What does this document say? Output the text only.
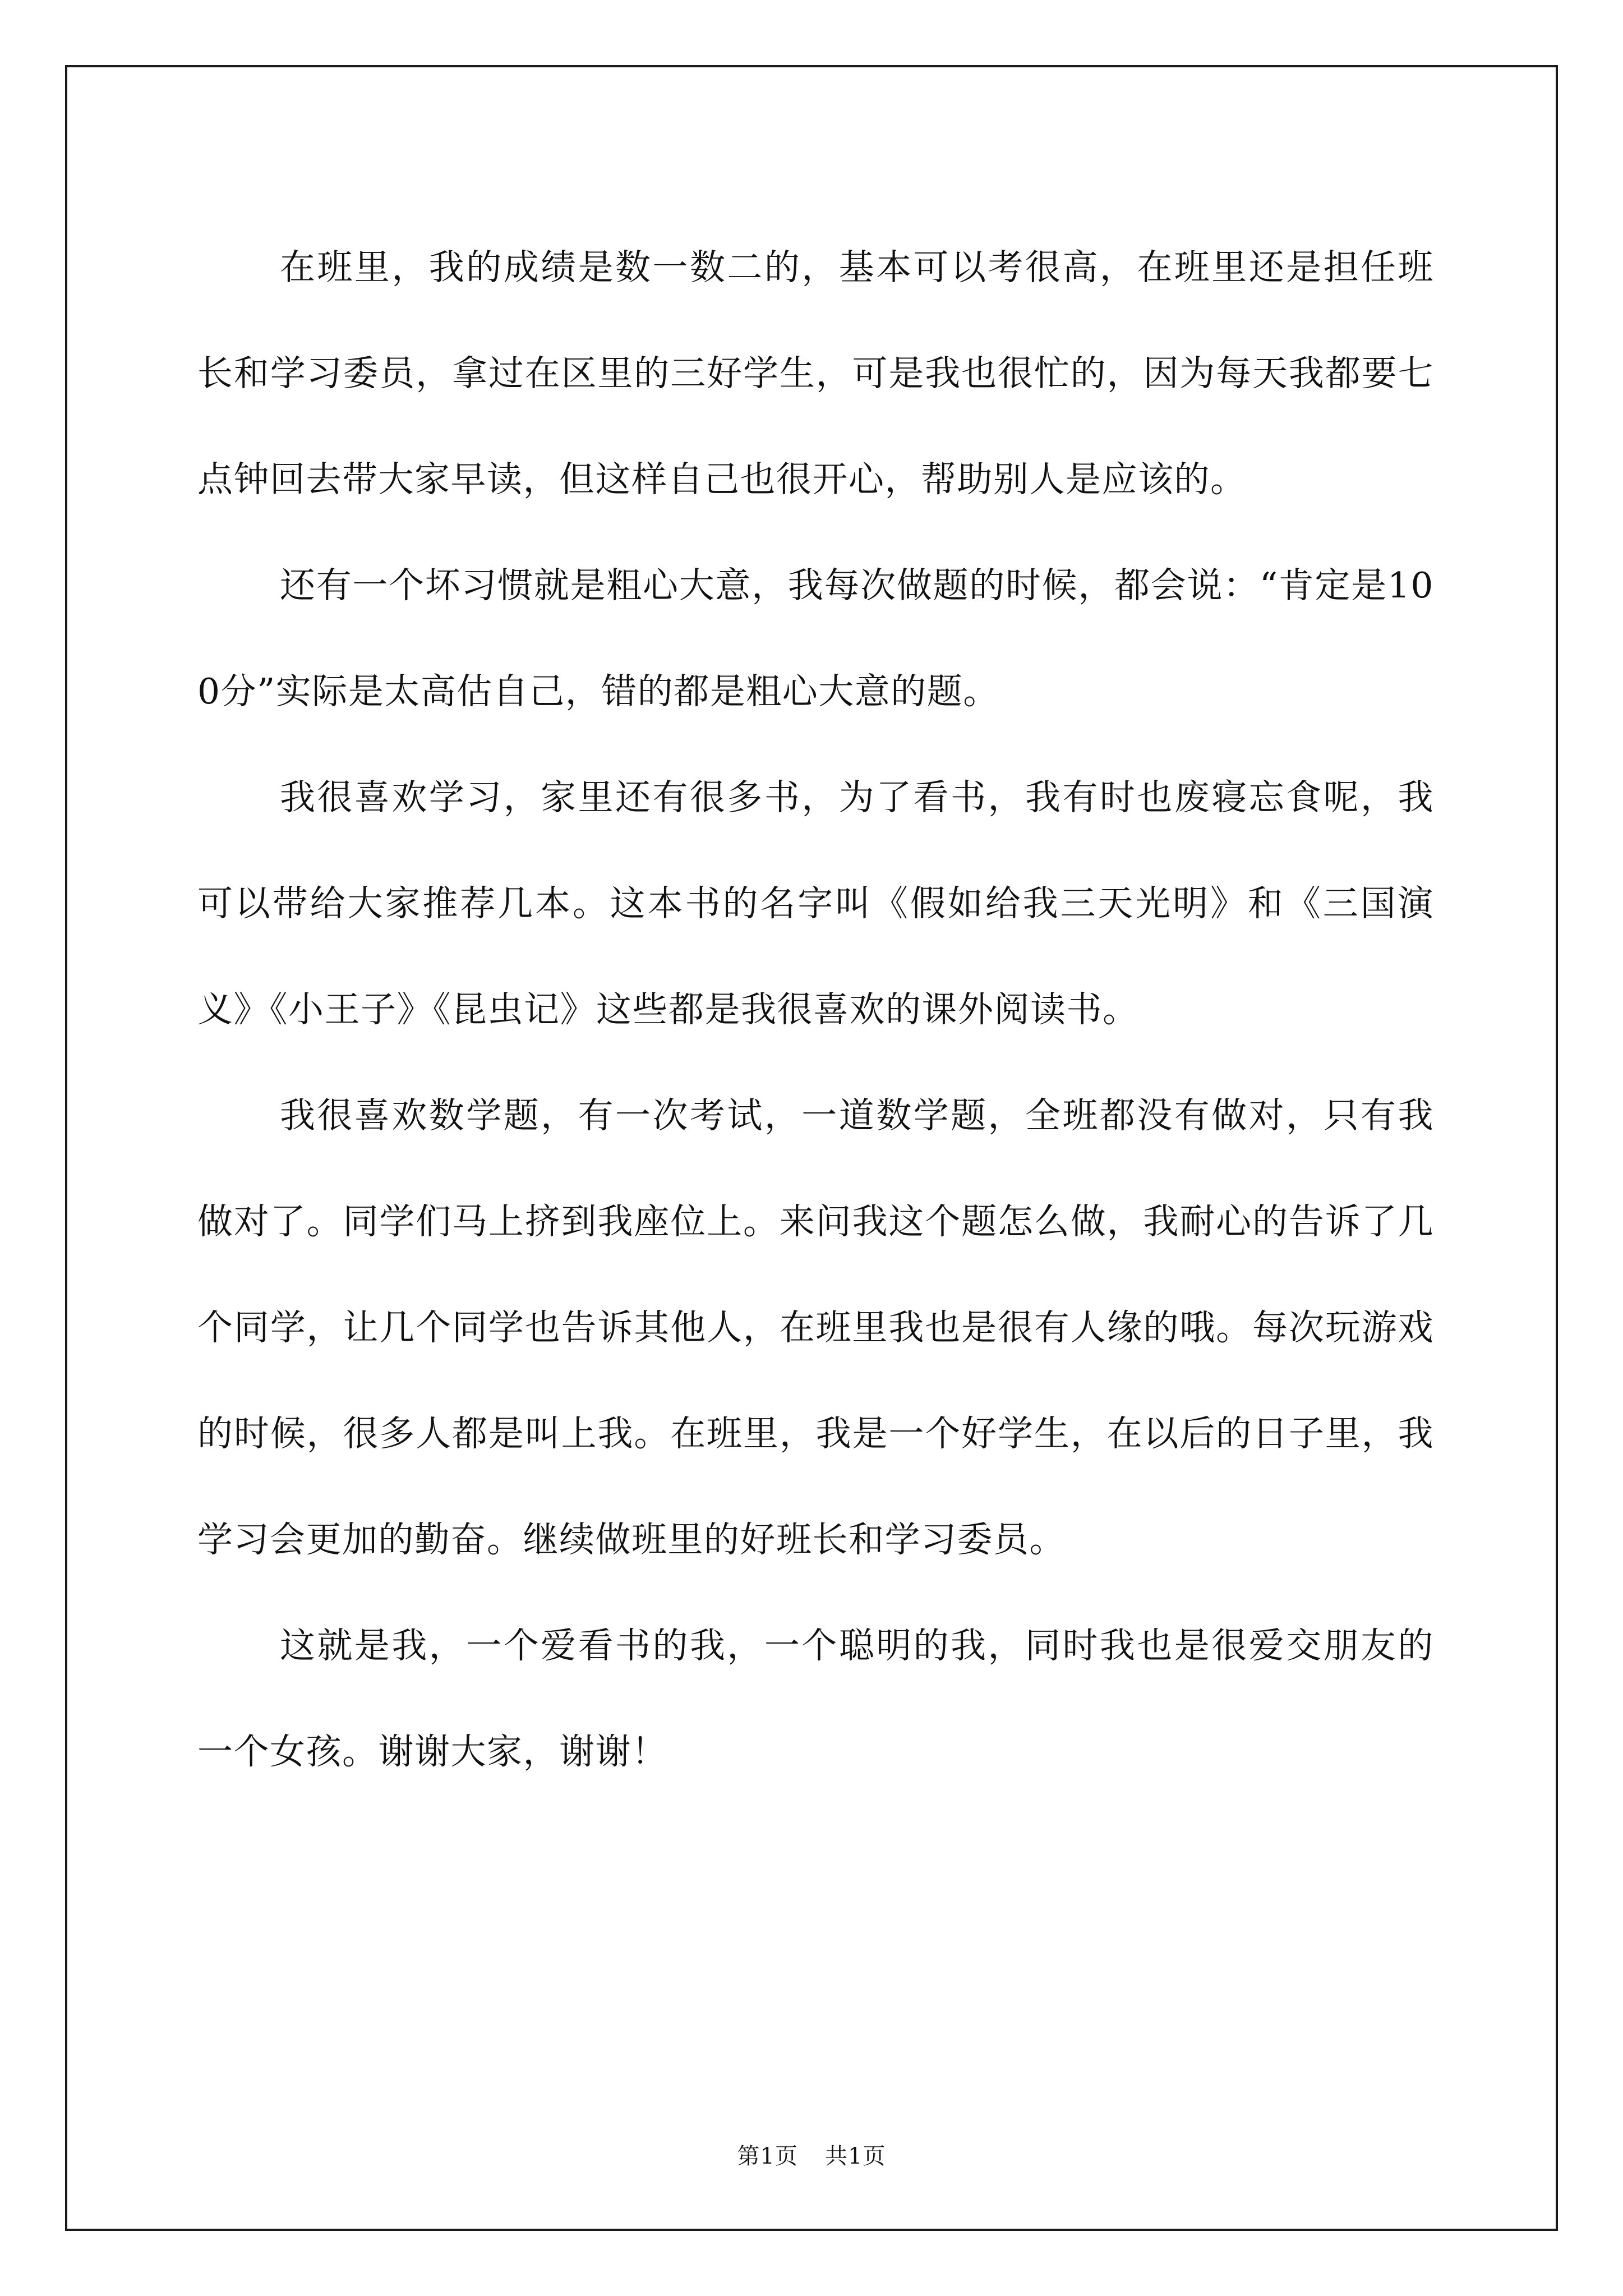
在班里，我的成绩是数一数二的，基本可以考很高，在班里还是担任班长和学习委员，拿过在区里的三好学生，可是我也很忙的，因为每天我都要七点钟回去带大家早读，但这样自己也很开心，帮助别人是应该的。

还有一个坏习惯就是粗心大意，我每次做题的时候，都会说：“肯定是100分”实际是太高估自己，错的都是粗心大意的题。

我很喜欢学习，家里还有很多书，为了看书，我有时也废寝忘食呢，我可以带给大家推荐几本。这本书的名字叫《假如给我三天光明》和《三国演义》《小王子》《昆虫记》这些都是我很喜欢的课外阅读书。

我很喜欢数学题，有一次考试，一道数学题，全班都没有做对，只有我做对了。同学们马上挤到我座位上。来问我这个题怎么做，我耐心的告诉了几个同学，让几个同学也告诉其他人，在班里我也是很有人缘的哦。每次玩游戏的时候，很多人都是叫上我。在班里，我是一个好学生，在以后的日子里，我学习会更加的勤奋。继续做班里的好班长和学习委员。

这就是我，一个爱看书的我，一个聪明的我，同时我也是很爱交朋友的一个女孩。谢谢大家，谢谢！

第1页 共1页
